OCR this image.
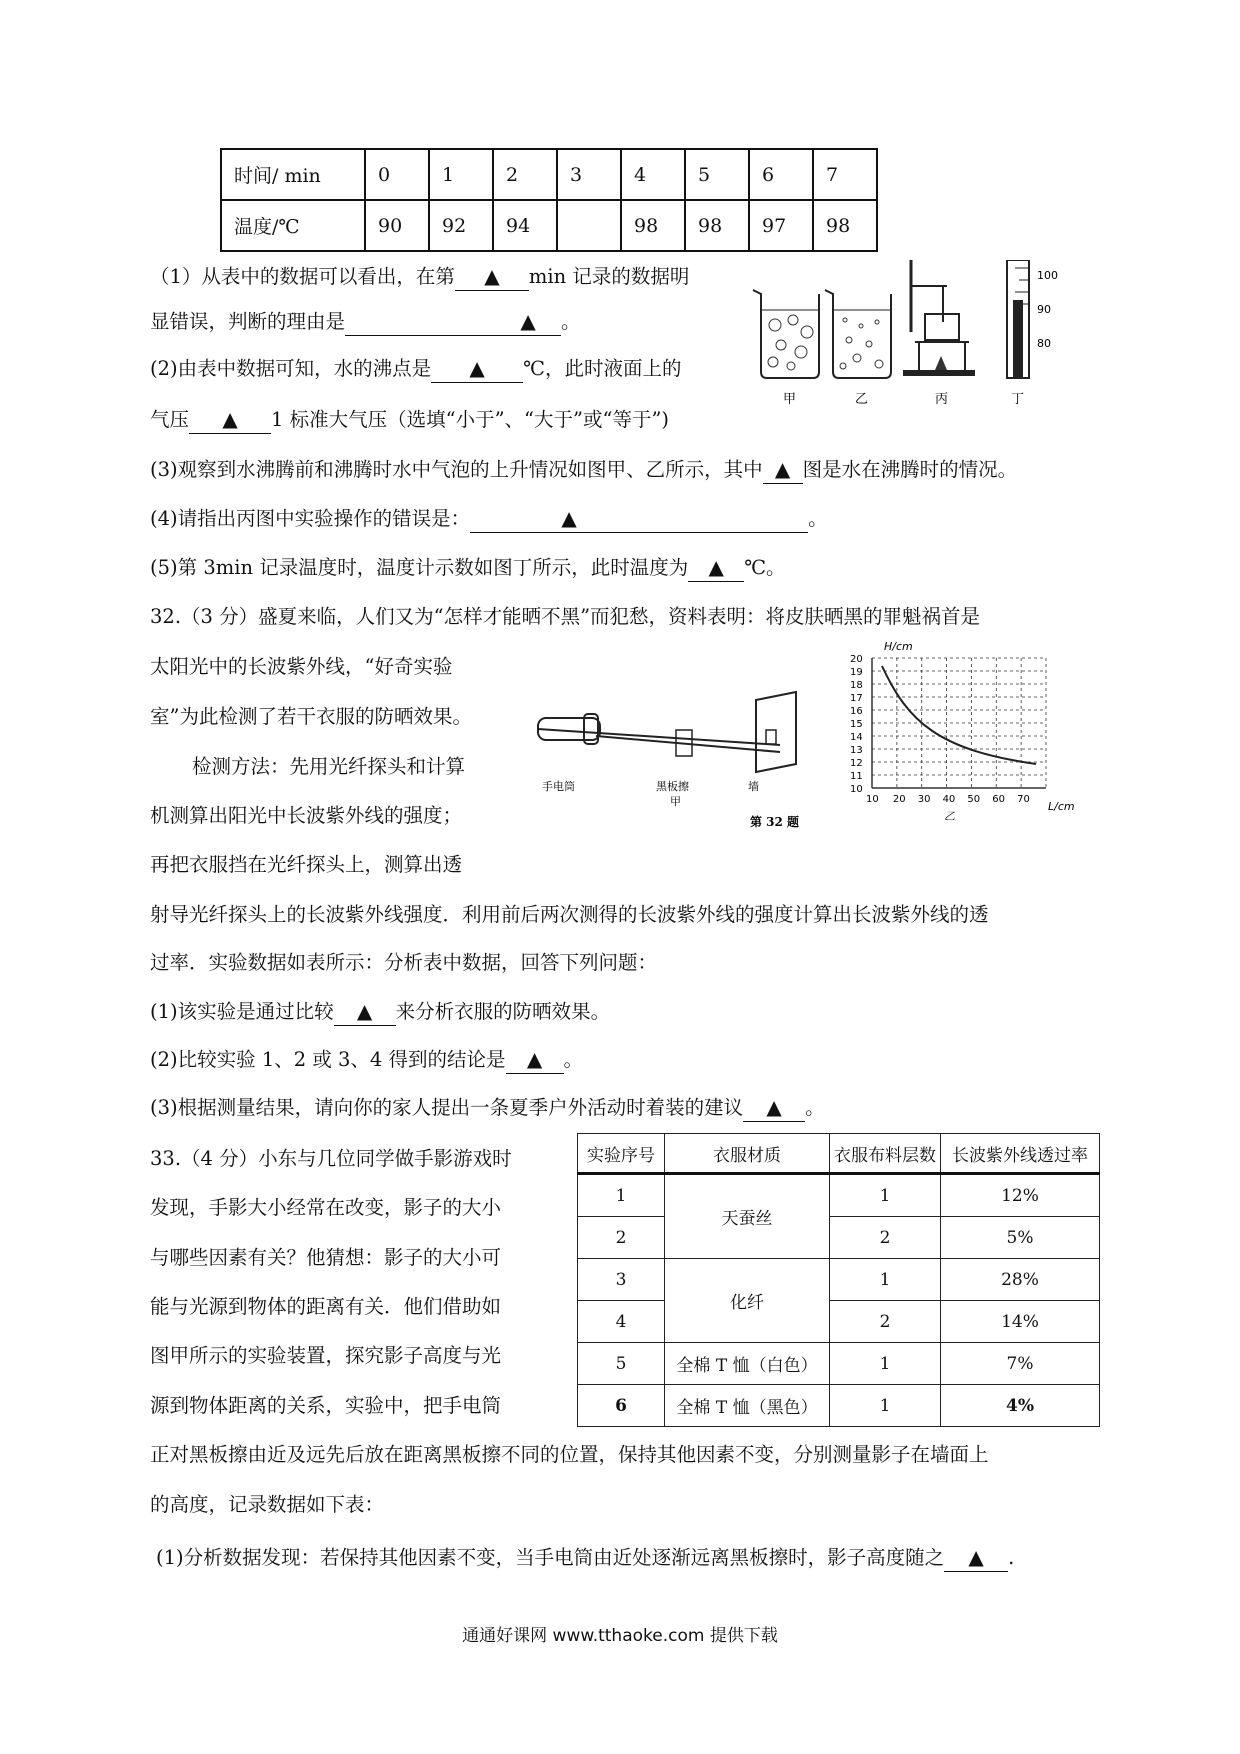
时间/ min	0	1	2	3	4	5	6	7
温度/℃	90	92	94		98	98	97	98
（1）从表中的数据可以看出，在第 ▲ min 记录的数据明
显错误，判断的理由是	▲ 。
(2)由表中数据可知，水的沸点是 ▲ ℃，此时液面上的
气压 ▲ 1 标准大气压（选填“小于”、“大于”或“等于”)
(3)观察到水沸腾前和沸腾时水中气泡的上升情况如图甲、乙所示，其中 ▲ 图是水在沸腾时的情况。
(4)请指出丙图中实验操作的错误是：	▲	。
(5)第 3min 记录温度时，温度计示数如图丁所示，此时温度为 ▲ ℃。
100
90
80
甲	乙	丙	丁
32.（3 分）盛夏来临，人们又为“怎样才能晒不黑”而犯愁，资料表明：将皮肤晒黑的罪魁祸首是
太阳光中的长波紫外线，“好奇实验
室”为此检测了若干衣服的防晒效果。
检测方法：先用光纤探头和计算
机测算出阳光中长波紫外线的强度；
再把衣服挡在光纤探头上，测算出透
射导光纤探头上的长波紫外线强度．利用前后两次测得的长波紫外线的强度计算出长波紫外线的透
过率．实验数据如表所示：分析表中数据，回答下列问题：
(1)该实验是通过比较 ▲ 来分析衣服的防晒效果。
(2)比较实验 1、2 或 3、4 得到的结论是 ▲ 。
(3)根据测量结果，请向你的家人提出一条夏季户外活动时着装的建议 ▲ 。
手电筒	黑板擦
甲
墙
第 32 题
20
19
18
17
16
15
14
13
12
11
10
10 20 30 40 50 60 70
H/cm
L/cm
乙
实验序号	衣服材质	衣服布料层数	长波紫外线透过率
1	天蚕丝	1	12%
2		2	5%
3	化纤	1	28%
4		2	14%
5	全棉 T 恤（白色）	1	7%
6	全棉 T 恤（黑色）	1	4%
33.（4 分）小东与几位同学做手影游戏时
发现，手影大小经常在改变，影子的大小
与哪些因素有关？他猜想：影子的大小可
能与光源到物体的距离有关．他们借助如
图甲所示的实验装置，探究影子高度与光
源到物体距离的关系，实验中，把手电筒
正对黑板擦由近及远先后放在距离黑板擦不同的位置，保持其他因素不变，分别测量影子在墙面上
的高度，记录数据如下表：
(1)分析数据发现：若保持其他因素不变，当手电筒由近处逐渐远离黑板擦时，影子高度随之 ▲ .
通通好课网 www.tthaoke.com 提供下载
